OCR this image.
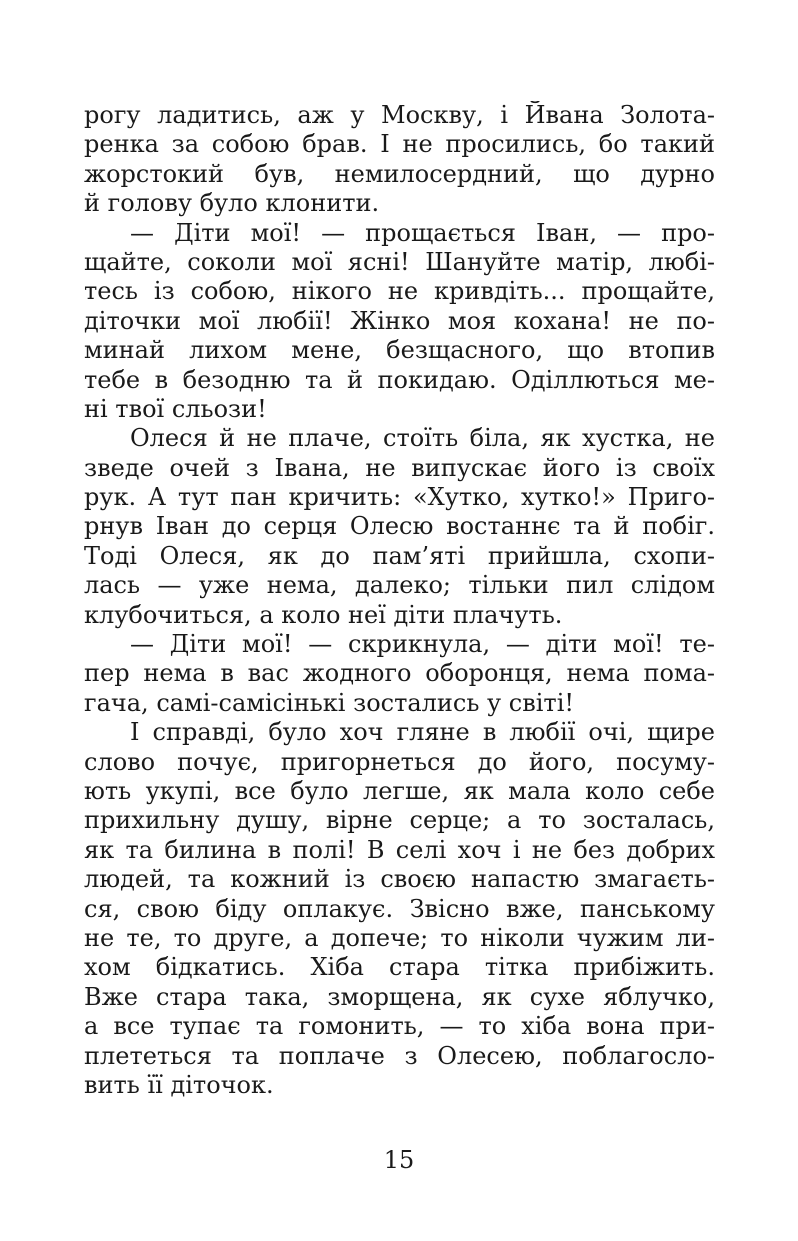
рогу ладитись, аж у Москву, і Йвана Золота-
ренка за собою брав. І не просились, бо такий
жорстокий був, немилосердний, що дурно
й голову було клонити.
— Діти мої! — прощається Іван, — про-
щайте, соколи мої ясні! Шануйте матір, любі-
тесь із собою, нікого не кривдіть... прощайте,
діточки мої любії! Жінко моя кохана! не по-
минай лихом мене, безщасного, що втопив
тебе в безодню та й покидаю. Оділлються ме-
ні твої сльози!
Олеся й не плаче, стоїть біла, як хустка, не
зведе очей з Івана, не випускає його із своїх
рук. А тут пан кричить: «Хутко, хутко!» Приго-
рнув Іван до серця Олесю востаннє та й побіг.
Тоді Олеся, як до пам’яті прийшла, схопи-
лась — уже нема, далеко; тільки пил слідом
клубочиться, а коло неї діти плачуть.
— Діти мої! — скрикнула, — діти мої! те-
пер нема в вас жодного оборонця, нема пома-
гача, самі-самісінькі зостались у світі!
І справді, було хоч гляне в любії очі, щире
слово почує, пригорнеться до його, посуму-
ють укупі, все було легше, як мала коло себе
прихильну душу, вірне серце; а то зосталась,
як та билина в полі! В селі хоч і не без добрих
людей, та кожний із своєю напастю змагаєть-
ся, свою біду оплакує. Звісно вже, панському
не те, то друге, а допече; то ніколи чужим ли-
хом бідкатись. Хіба стара тітка прибіжить.
Вже стара така, зморщена, як сухе яблучко,
а все тупає та гомонить, — то хіба вона при-
плететься та поплаче з Олесею, поблагосло-
вить її діточок.
15
